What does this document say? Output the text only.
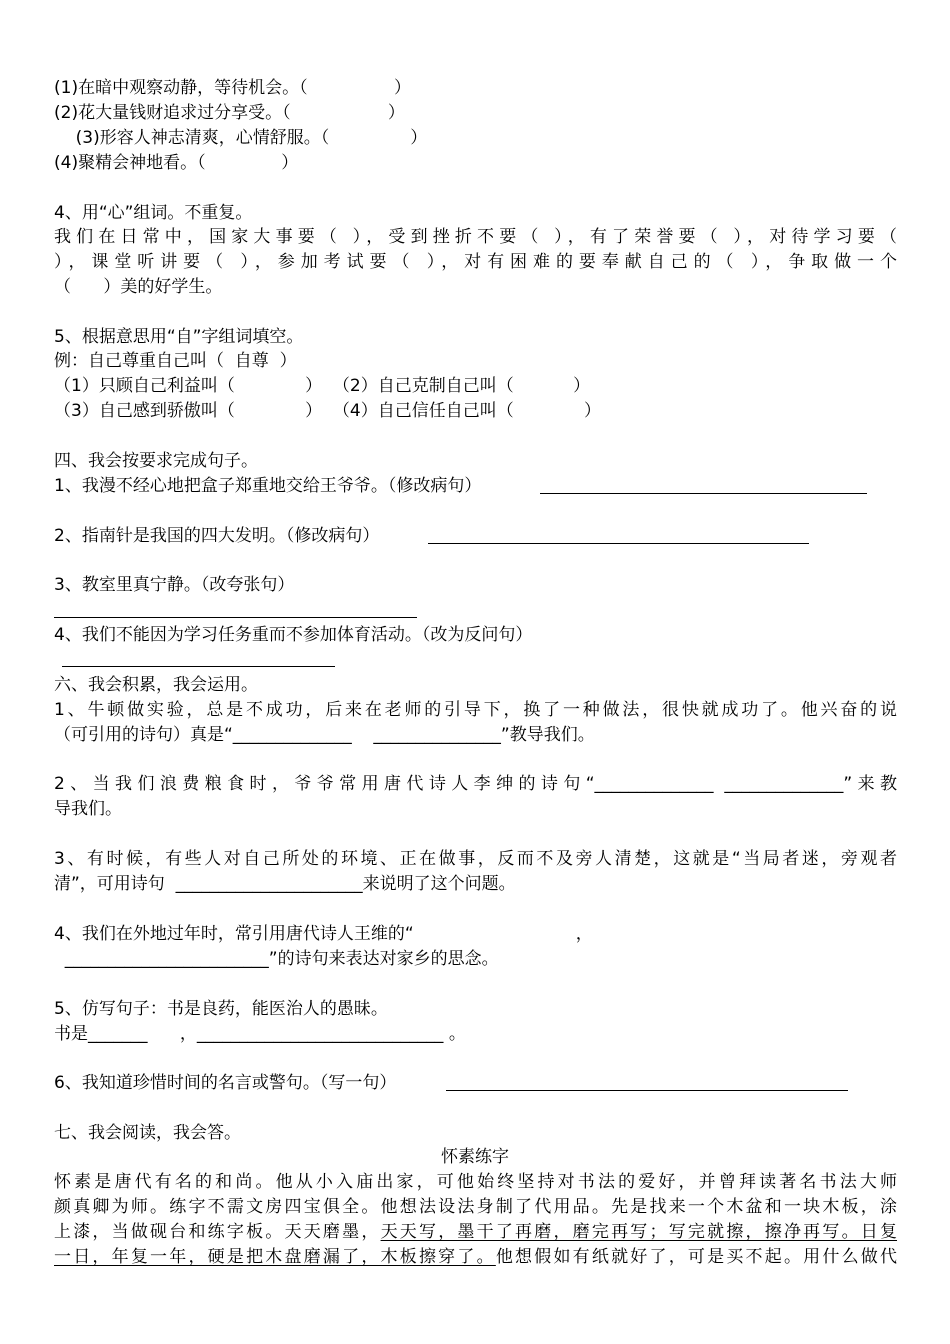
(1)在暗中观察动静，等待机会。（                ）
(2)花大量钱财追求过分享受。（                  ）
(3)形容人神志清爽，心情舒服。（               ）
(4)聚精会神地看。（              ）
4、用“心”组词。不重复。
我们在日常中，国家大事要（ ），受到挫折不要（ ），有了荣誉要（ ），对待学习要（
），课堂听讲要（ ），参加考试要（ ），对有困难的要奉献自己的（ ），争取做一个
（      ）美的好学生。
5、根据意思用“自”字组词填空。
例：自己尊重自己叫（  自尊  ）
（1）只顾自己利益叫（             ）  （2）自己克制自己叫（           ）
（3）自己感到骄傲叫（             ）  （4）自己信任自己叫（             ）
四、我会按要求完成句子。
1、我漫不经心地把盒子郑重地交给王爷爷。（修改病句）
2、指南针是我国的四大发明。（修改病句）
3、教室里真宁静。（改夸张句）
4、我们不能因为学习任务重而不参加体育活动。（改为反问句）
六、我会积累，我会运用。
1、牛顿做实验，总是不成功，后来在老师的引导下，换了一种做法，很快就成功了。他兴奋的说
（可引用的诗句）真是“______________    _______________”教导我们。
2、当我们浪费粮食时，爷爷常用唐代诗人李绅的诗句“______________ ______________”来教
导我们。
3、有时候，有些人对自己所处的环境、正在做事，反而不及旁人清楚，这就是“当局者迷，旁观者
清”，可用诗句  ______________________来说明了这个问题。
4、我们在外地过年时，常引用唐代诗人王维的“                              ，
________________________”的诗句来表达对家乡的思念。
5、仿写句子：书是良药，能医治人的愚昧。
书是_______      ，_____________________________ 。
6、我知道珍惜时间的名言或警句。（写一句）
七、我会阅读，我会答。
怀素练字
怀素是唐代有名的和尚。他从小入庙出家，可他始终坚持对书法的爱好，并曾拜读著名书法大师
颜真卿为师。练字不需文房四宝俱全。他想法设法身制了代用品。先是找来一个木盆和一块木板，涂
上漆，当做砚台和练字板。天天磨墨，天天写，墨干了再磨，磨完再写；写完就擦，擦净再写。日复
一日，年复一年，硬是把木盘磨漏了，木板擦穿了。他想假如有纸就好了，可是买不起。用什么做代
